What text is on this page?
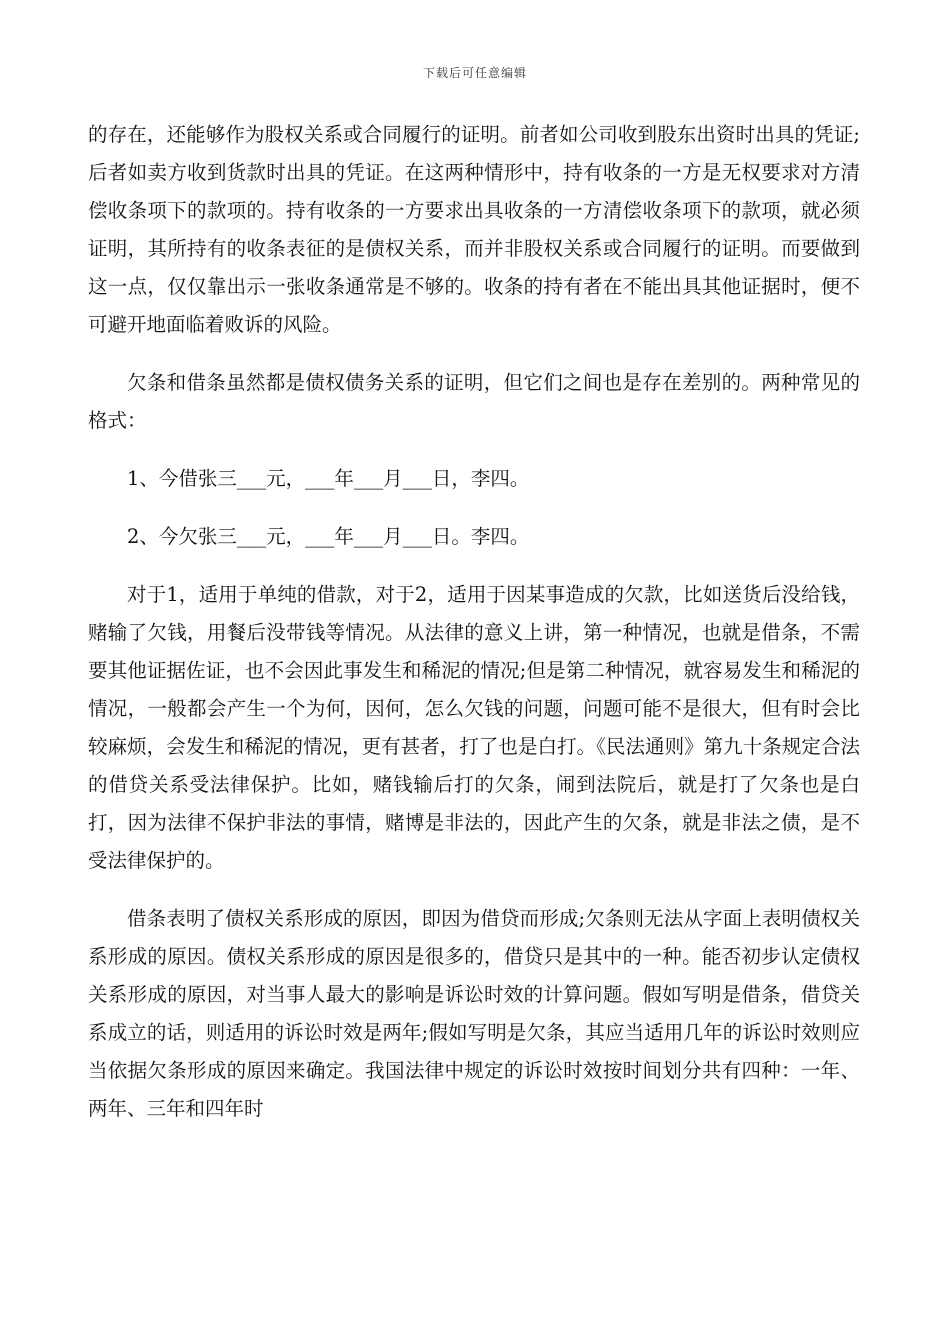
下载后可任意编辑

的存在，还能够作为股权关系或合同履行的证明。前者如公司收到股东出资时出具的凭证;后者如卖方收到货款时出具的凭证。在这两种情形中，持有收条的一方是无权要求对方清偿收条项下的款项的。持有收条的一方要求出具收条的一方清偿收条项下的款项，就必须证明，其所持有的收条表征的是债权关系，而并非股权关系或合同履行的证明。而要做到这一点，仅仅靠出示一张收条通常是不够的。收条的持有者在不能出具其他证据时，便不可避开地面临着败诉的风险。

欠条和借条虽然都是债权债务关系的证明，但它们之间也是存在差别的。两种常见的格式：

1、今借张三___元，___年___月___日，李四。

2、今欠张三___元，___年___月___日。李四。

对于1，适用于单纯的借款，对于2，适用于因某事造成的欠款，比如送货后没给钱，赌输了欠钱，用餐后没带钱等情况。从法律的意义上讲，第一种情况，也就是借条，不需要其他证据佐证，也不会因此事发生和稀泥的情况;但是第二种情况，就容易发生和稀泥的情况，一般都会产生一个为何，因何，怎么欠钱的问题，问题可能不是很大，但有时会比较麻烦，会发生和稀泥的情况，更有甚者，打了也是白打。《民法通则》第九十条规定合法的借贷关系受法律保护。比如，赌钱输后打的欠条，闹到法院后，就是打了欠条也是白打，因为法律不保护非法的事情，赌博是非法的，因此产生的欠条，就是非法之债，是不受法律保护的。

借条表明了债权关系形成的原因，即因为借贷而形成;欠条则无法从字面上表明债权关系形成的原因。债权关系形成的原因是很多的，借贷只是其中的一种。能否初步认定债权关系形成的原因，对当事人最大的影响是诉讼时效的计算问题。假如写明是借条，借贷关系成立的话，则适用的诉讼时效是两年;假如写明是欠条，其应当适用几年的诉讼时效则应当依据欠条形成的原因来确定。我国法律中规定的诉讼时效按时间划分共有四种：一年、两年、三年和四年时
